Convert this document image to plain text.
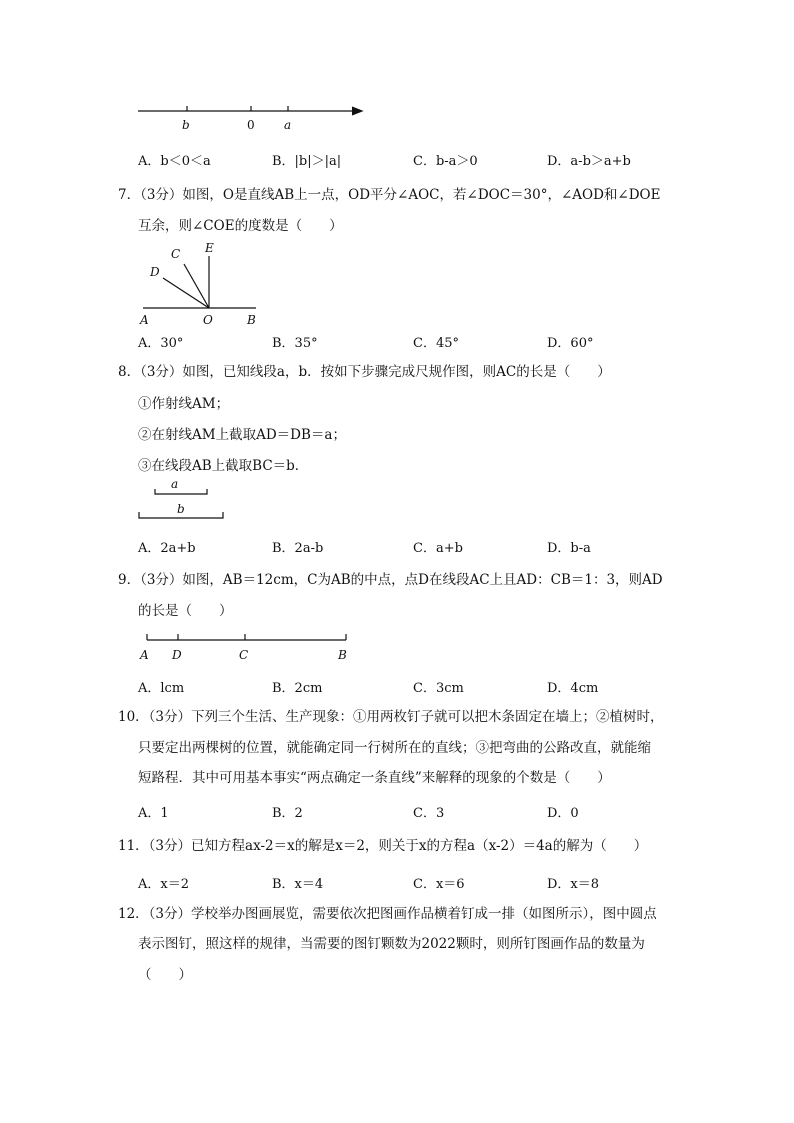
b	0 a
A．b＜0＜a	B．|b|＞|a|	C．b-a＞0	D．a-b＞a+b
7．（3分）如图，O是直线AB上一点，OD平分∠AOC，若∠DOC＝30°，∠AOD和∠DOE
互余，则∠COE的度数是（　　）
C E
D
A	O	B
A．30°	B．35°	C．45°	D．60°
8．（3分）如图，已知线段a，b．按如下步骤完成尺规作图，则AC的长是（　　）
①作射线AM；
②在射线AM上截取AD＝DB＝a；
③在线段AB上截取BC＝b．
a
b
A．2a+b	B．2a-b	C．a+b	D．b-a
9．（3分）如图，AB＝12cm，C为AB的中点，点D在线段AC上且AD：CB＝1：3，则AD
的长是（　　）
A D	C	B
A．lcm	B．2cm	C．3cm	D．4cm
10．（3分）下列三个生活、生产现象：①用两枚钉子就可以把木条固定在墙上；②植树时，
只要定出两棵树的位置，就能确定同一行树所在的直线；③把弯曲的公路改直，就能缩
短路程．其中可用基本事实“两点确定一条直线”来解释的现象的个数是（　　）
A．1	B．2	C．3	D．0
11．（3分）已知方程ax-2＝x的解是x＝2，则关于x的方程a（x-2）＝4a的解为（　　）
A．x＝2	B．x＝4	C．x＝6	D．x＝8
12．（3分）学校举办图画展览，需要依次把图画作品横着钉成一排（如图所示），图中圆点
表示图钉，照这样的规律，当需要的图钉颗数为2022颗时，则所钉图画作品的数量为
（　　）
